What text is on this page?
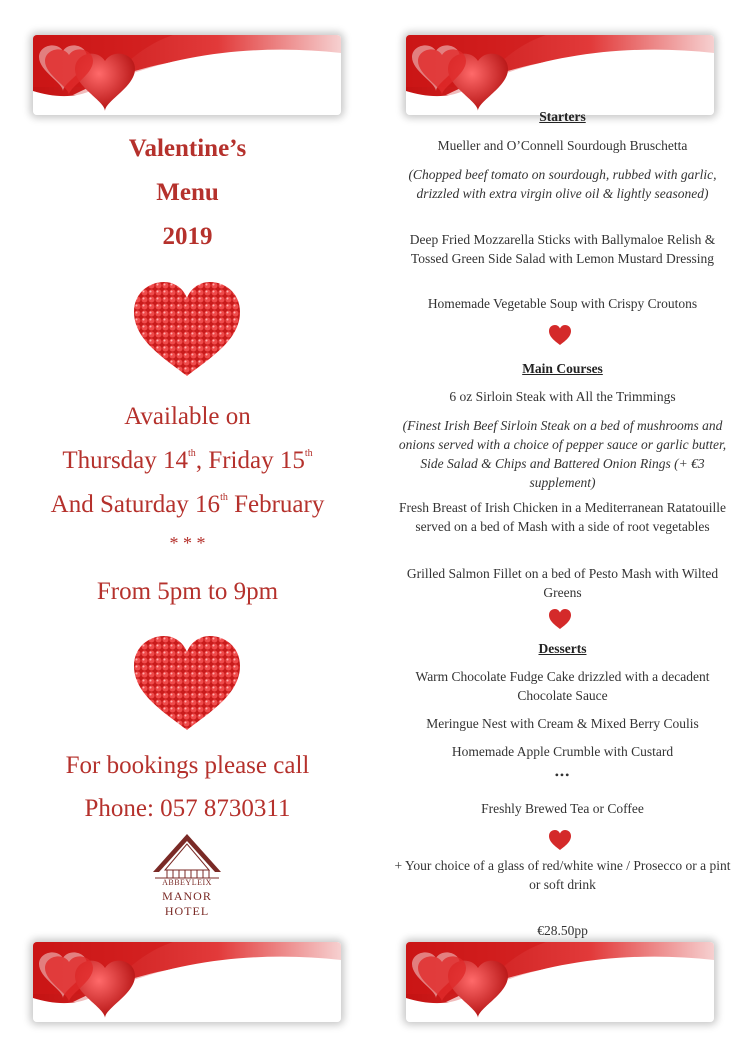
Valentine’s
Menu
2019
Available on
Thursday 14th, Friday 15th
And Saturday 16th February
* * *
From 5pm to 9pm
For bookings please call
Phone: 057 8730311
ABBEYLEIX
MANOR
HOTEL
Starters
Mueller and O’Connell Sourdough Bruschetta
(Chopped beef tomato on sourdough, rubbed with garlic, drizzled with extra virgin olive oil & lightly seasoned)
Deep Fried Mozzarella Sticks with Ballymaloe Relish & Tossed Green Side Salad with Lemon Mustard Dressing
Homemade Vegetable Soup with Crispy Croutons
Main Courses
6 oz Sirloin Steak with All the Trimmings
(Finest Irish Beef Sirloin Steak on a bed of mushrooms and onions served with a choice of pepper sauce or garlic butter, Side Salad & Chips and Battered Onion Rings (+ €3 supplement)
Fresh Breast of Irish Chicken in a Mediterranean Ratatouille served on a bed of Mash with a side of root vegetables
Grilled Salmon Fillet on a bed of Pesto Mash with Wilted Greens
Desserts
Warm Chocolate Fudge Cake drizzled with a decadent Chocolate Sauce
Meringue Nest with Cream & Mixed Berry Coulis
Homemade Apple Crumble with Custard
•••
Freshly Brewed Tea or Coffee
+ Your choice of a glass of red/white wine / Prosecco or a pint or soft drink
€28.50pp
